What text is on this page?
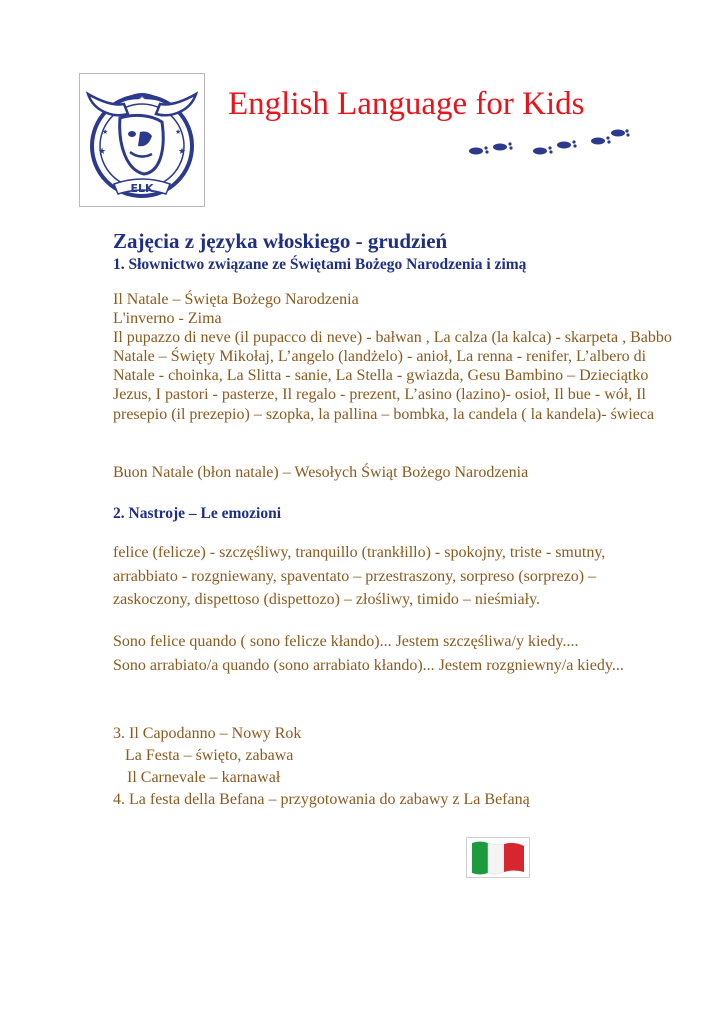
★
★	★
★	★
ELK
English Language for Kids
Zajęcia z języka włoskiego - grudzień
1. Słownictwo związane ze Świętami Bożego Narodzenia i zimą

Il Natale – Święta Bożego Narodzenia

L'inverno - Zima

Il pupazzo di neve (il pupacco di neve) - bałwan , La calza (la kalca) - skarpeta , Babbo Natale – Święty Mikołaj, L’angelo (landżelo) - anioł, La renna - renifer, L’albero di Natale - choinka, La Slitta - sanie, La Stella - gwiazda, Gesu Bambino – Dzieciątko Jezus, I pastori - pasterze, Il regalo - prezent, L’asino (lazino)- osioł, Il bue - wół, Il presepio (il prezepio) – szopka, la pallina – bombka, la candela ( la kandela)- świeca

Buon Natale (błon natale) – Wesołych Świąt Bożego Narodzenia

2. Nastroje – Le emozioni

felice (felicze) - szczęśliwy, tranquillo (trankłillo) - spokojny, triste - smutny, arrabbiato - rozgniewany, spaventato – przestraszony, sorpreso (sorprezo) – zaskoczony, dispettoso (dispettozo) – złośliwy, timido – nieśmiały.

Sono felice quando ( sono felicze kłando)... Jestem szczęśliwa/y kiedy....

Sono arrabiato/a quando (sono arrabiato kłando)... Jestem rozgniewny/a kiedy...

3. Il Capodanno – Nowy Rok

La Festa – święto, zabawa

Il Carnevale – karnawał

4. La festa della Befana – przygotowania do zabawy z La Befaną
